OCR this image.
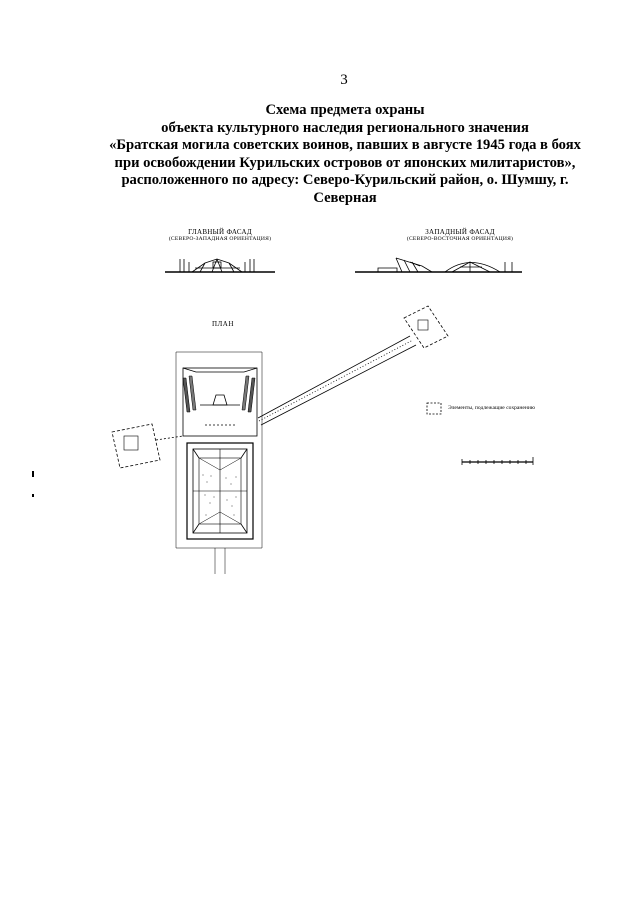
3
Схема предмета охраны
объекта культурного наследия регионального значения
«Братская могила советских воинов, павших в августе 1945 года в боях
при освобождении Курильских островов от японских милитаристов»,
расположенного по адресу: Северо-Курильский район, о. Шумшу, г.
Северная
ГЛАВНЫЙ ФАСАД
(СЕВЕРО-ЗАПАДНАЯ ОРИЕНТАЦИЯ)
ЗАПАДНЫЙ ФАСАД
(СЕВЕРО-ВОСТОЧНАЯ ОРИЕНТАЦИЯ)
ПЛАН
Элементы, подлежащие сохранению
